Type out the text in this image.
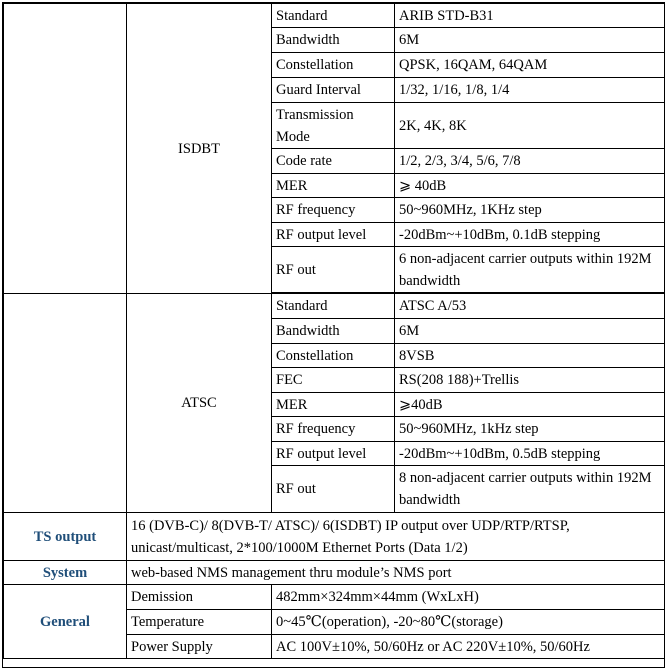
	ISDBT	Standard	ARIB STD-B31
		Bandwidth	6M
		Constellation	QPSK, 16QAM, 64QAM
		Guard Interval	1/32, 1/16, 1/8, 1/4
		Transmission Mode	2K, 4K, 8K
		Code rate	1/2, 2/3, 3/4, 5/6, 7/8
		MER	⩾ 40dB
		RF frequency	50~960MHz, 1KHz step
		RF output level	-20dBm~+10dBm, 0.1dB stepping
		RF out	6 non-adjacent carrier outputs within 192M bandwidth

	ATSC	Standard	ATSC A/53
		Bandwidth	6M
		Constellation	8VSB
		FEC	RS(208 188)+Trellis
		MER	⩾40dB
		RF frequency	50~960MHz, 1kHz step
		RF output level	-20dBm~+10dBm, 0.5dB stepping
		RF out	8 non-adjacent carrier outputs within 192M bandwidth
TS output	16 (DVB-C)/ 8(DVB-T/ ATSC)/ 6(ISDBT) IP output over UDP/RTP/RTSP, unicast/multicast, 2*100/1000M Ethernet Ports (Data 1/2)		
System	web-based NMS management thru module’s NMS port		
General	Demission	482mm×324mm×44mm (WxLxH)	
	Temperature	0~45℃(operation), -20~80℃(storage)	
	Power Supply	AC 100V±10%, 50/60Hz or AC 220V±10%, 50/60Hz	
